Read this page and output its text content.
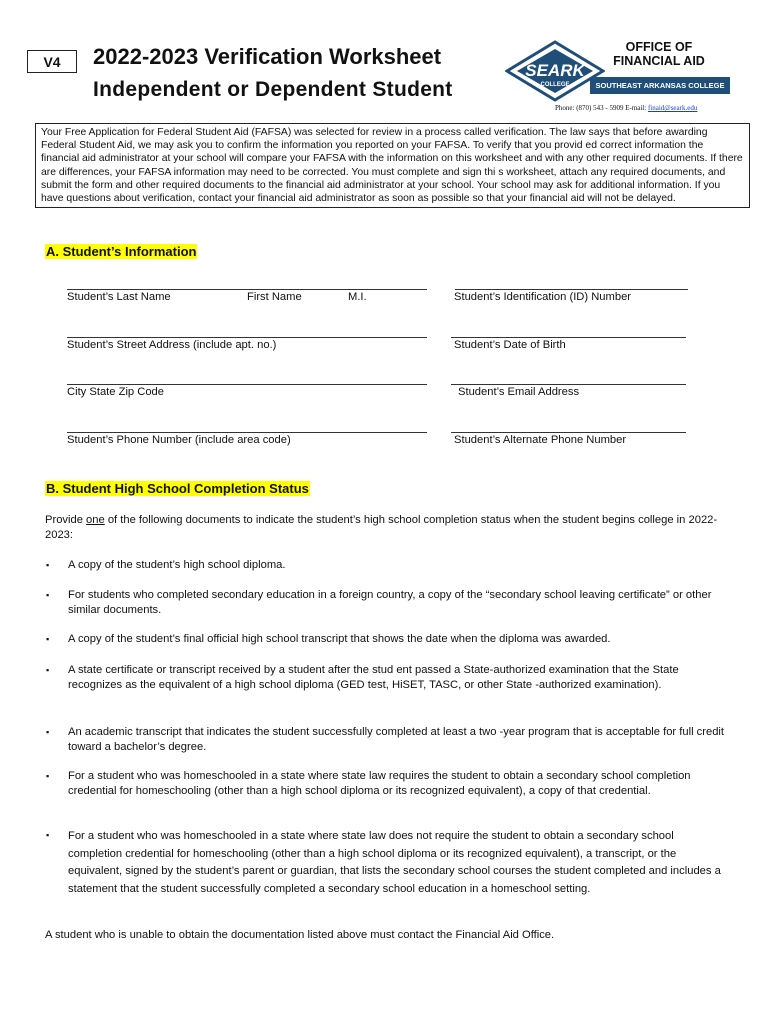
V4	2022-2023 Verification Worksheet
Independent or Dependent Student
SEARK
COLLEGE
OFFICE OF
FINANCIAL AID
SOUTHEAST ARKANSAS COLLEGE
Phone: (870) 543 - 5909 E-mail: finaid@seark.edu
Your Free Application for Federal Student Aid (FAFSA) was selected for review in a process called verification. The law says that before awarding Federal Student Aid, we may ask you to confirm the information you reported on your FAFSA. To verify that you provid ed correct information the financial aid administrator at your school will compare your FAFSA with the information on this worksheet and with any other required documents. If there are differences, your FAFSA information may need to be corrected. You must complete and sign thi s worksheet, attach any required documents, and submit the form and other required documents to the financial aid administrator at your school. Your school may ask for additional information. If you have questions about verification, contact your financial aid administrator as soon as possible so that your financial aid will not be delayed.
A. Student’s Information
Student’s Last Name	First Name	M.I.	Student’s Identification (ID) Number
Student’s Street Address (include apt. no.)	Student’s Date of Birth
City State Zip Code	Student’s Email Address
Student’s Phone Number (include area code)	Student’s Alternate Phone Number
B. Student High School Completion Status
Provide one of the following documents to indicate the student’s high school completion status when the student begins college in 2022-2023:
▪ A copy of the student’s high school diploma.
▪ For students who completed secondary education in a foreign country, a copy of the “secondary school leaving certificate” or other similar documents.
▪ A copy of the student’s final official high school transcript that shows the date when the diploma was awarded.
▪ A state certificate or transcript received by a student after the stud ent passed a State-authorized examination that the State recognizes as the equivalent of a high school diploma (GED test, HiSET, TASC, or other State -authorized examination).
▪ An academic transcript that indicates the student successfully completed at least a two -year program that is acceptable for full credit toward a bachelor’s degree.
▪ For a student who was homeschooled in a state where state law requires the student to obtain a secondary school completion credential for homeschooling (other than a high school diploma or its recognized equivalent), a copy of that credential.
▪ For a student who was homeschooled in a state where state law does not require the student to obtain a secondary school completion credential for homeschooling (other than a high school diploma or its recognized equivalent), a transcript, or the equivalent, signed by the student’s parent or guardian, that lists the secondary school courses the student completed and includes a statement that the student successfully completed a secondary school education in a homeschool setting.
A student who is unable to obtain the documentation listed above must contact the Financial Aid Office.
